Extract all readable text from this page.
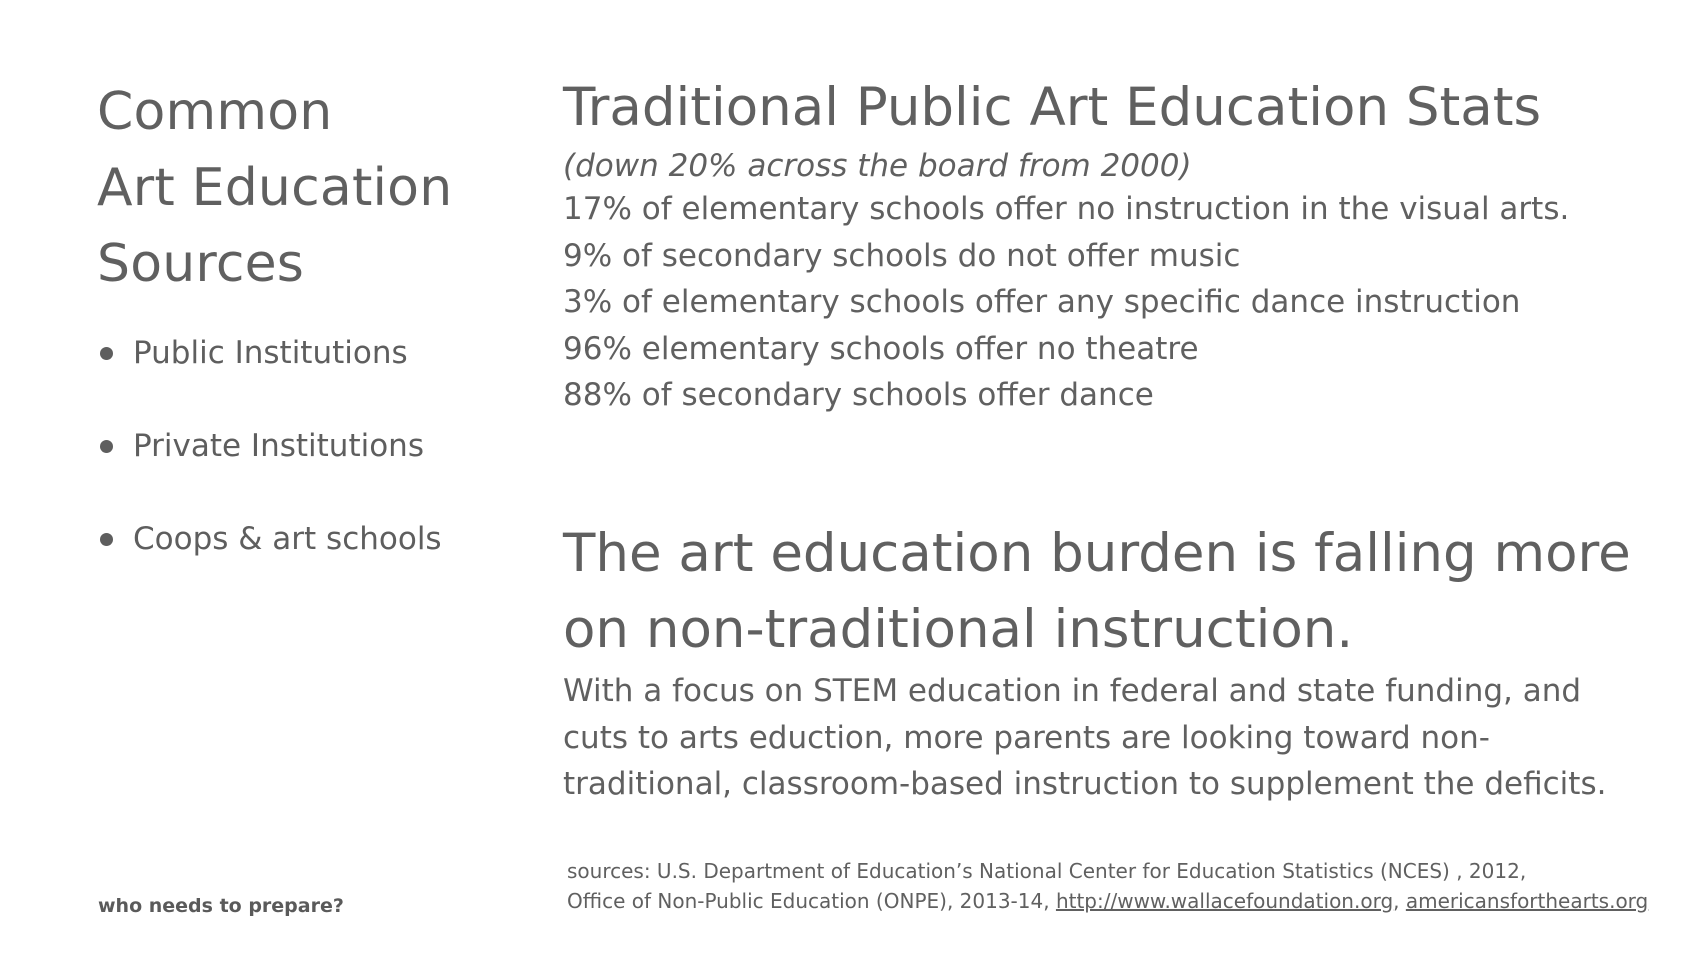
Common
Art Education
Sources
Public Institutions
Private Institutions
Coops & art schools
who needs to prepare?
Traditional Public Art Education Stats
(down 20% across the board from 2000)
17% of elementary schools offer no instruction in the visual arts.
9% of secondary schools do not offer music
3% of elementary schools offer any specific dance instruction
96% elementary schools offer no theatre
88% of secondary schools offer dance
The art education burden is falling more
on non-traditional instruction.
With a focus on STEM education in federal and state funding, and
cuts to arts eduction, more parents are looking toward non-
traditional, classroom-based instruction to supplement the deficits.
sources: U.S. Department of Education’s National Center for Education Statistics (NCES) , 2012,
Office of Non-Public Education (ONPE), 2013-14, http://www.wallacefoundation.org, americansforthearts.org
